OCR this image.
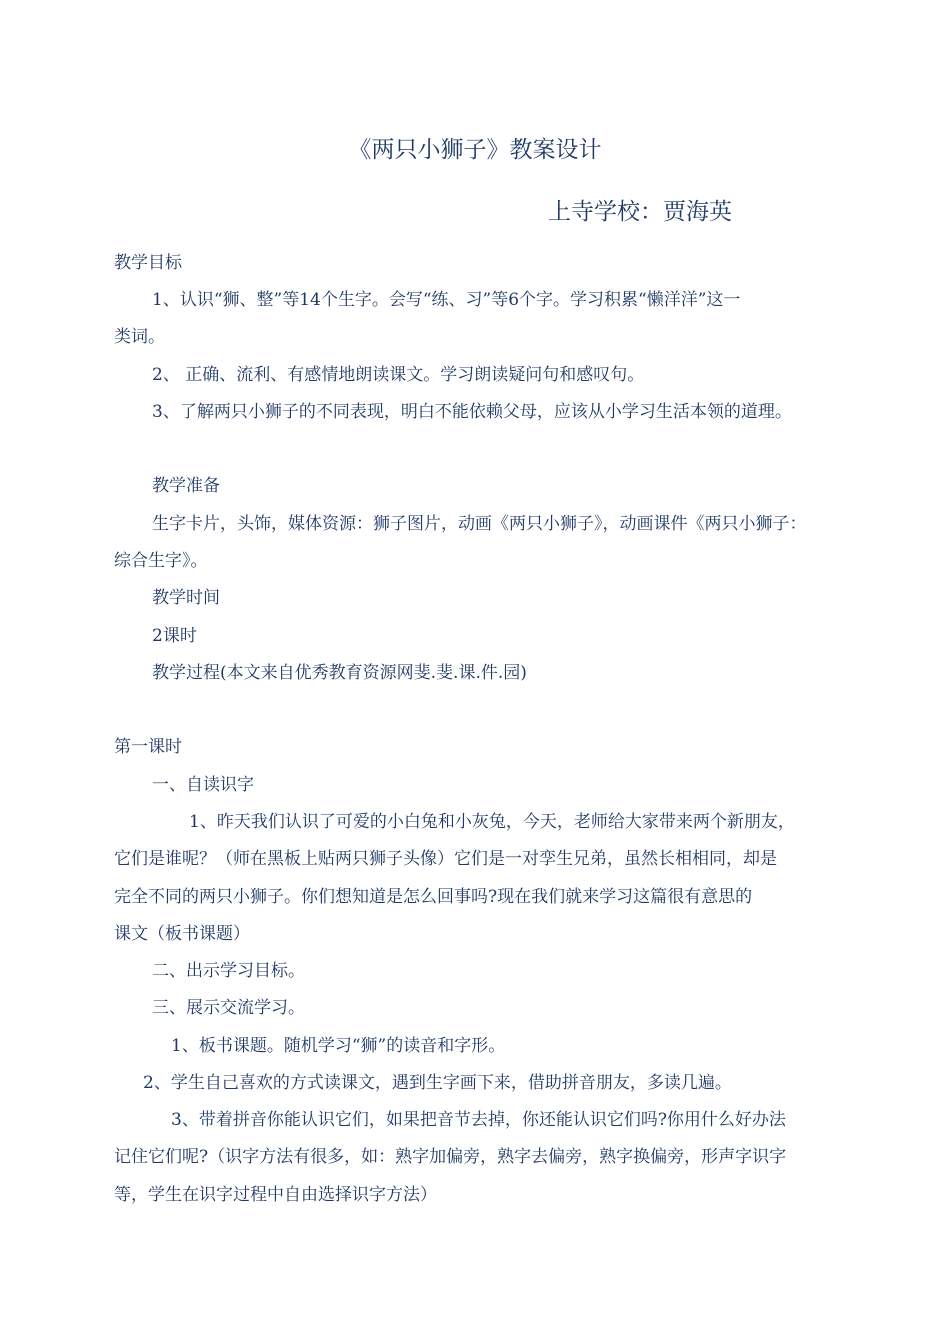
《两只小狮子》教案设计
上寺学校：贾海英
教学目标
1、认识“狮、整”等14个生字。会写“练、习”等6个字。学习积累“懒洋洋”这一
类词。
2、 正确、流利、有感情地朗读课文。学习朗读疑问句和感叹句。
3、了解两只小狮子的不同表现，明白不能依赖父母，应该从小学习生活本领的道理。
教学准备
生字卡片，头饰，媒体资源：狮子图片，动画《两只小狮子》，动画课件《两只小狮子：
综合生字》。
教学时间
2课时
教学过程(本文来自优秀教育资源网斐.斐.课.件.园)
第一课时
一、自读识字
1、昨天我们认识了可爱的小白兔和小灰兔，今天，老师给大家带来两个新朋友，
它们是谁呢？（师在黑板上贴两只狮子头像）它们是一对孪生兄弟，虽然长相相同，却是
完全不同的两只小狮子。你们想知道是怎么回事吗?现在我们就来学习这篇很有意思的
课文（板书课题）
二、出示学习目标。
三、展示交流学习。
1、板书课题。随机学习“狮”的读音和字形。
2、学生自己喜欢的方式读课文，遇到生字画下来，借助拼音朋友，多读几遍。
3、带着拼音你能认识它们，如果把音节去掉，你还能认识它们吗?你用什么好办法
记住它们呢?（识字方法有很多，如：熟字加偏旁，熟字去偏旁，熟字换偏旁，形声字识字
等，学生在识字过程中自由选择识字方法）
